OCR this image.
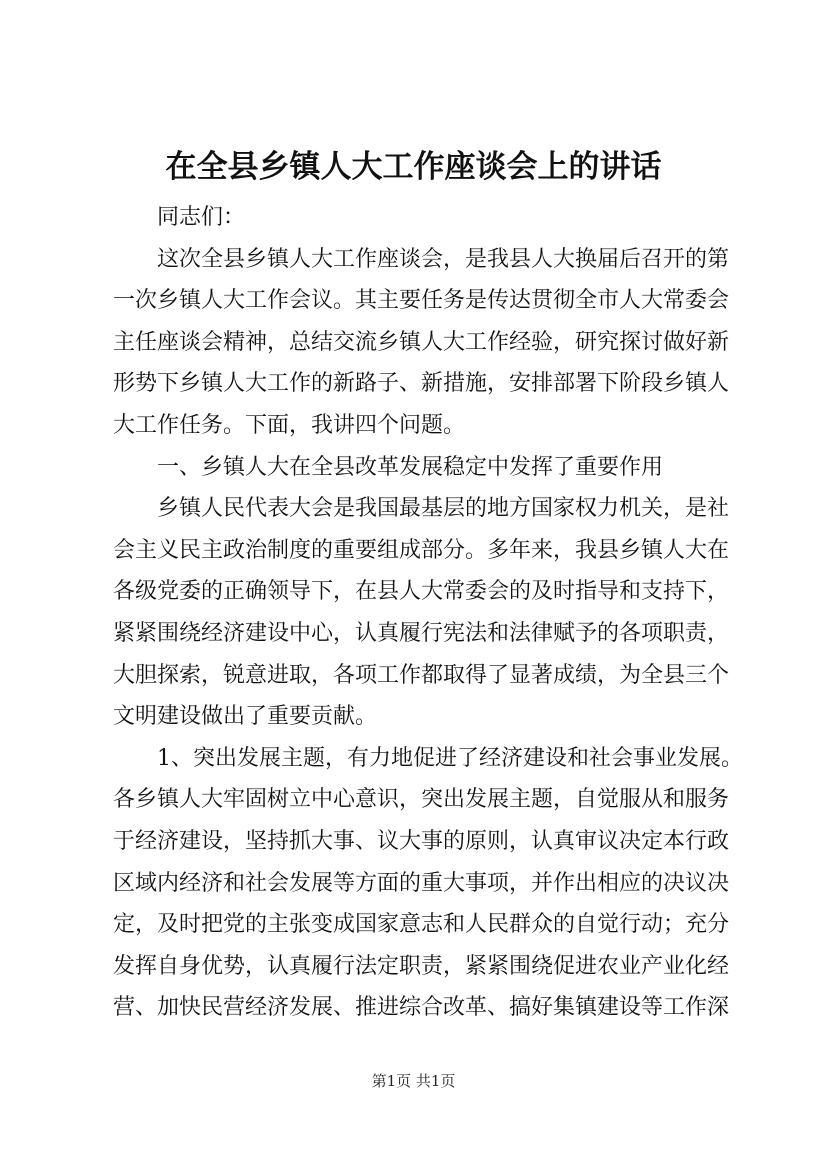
在全县乡镇人大工作座谈会上的讲话
同志们：
这次全县乡镇人大工作座谈会，是我县人大换届后召开的第
一次乡镇人大工作会议。其主要任务是传达贯彻全市人大常委会
主任座谈会精神，总结交流乡镇人大工作经验，研究探讨做好新
形势下乡镇人大工作的新路子、新措施，安排部署下阶段乡镇人
大工作任务。下面，我讲四个问题。
一、乡镇人大在全县改革发展稳定中发挥了重要作用
乡镇人民代表大会是我国最基层的地方国家权力机关，是社
会主义民主政治制度的重要组成部分。多年来，我县乡镇人大在
各级党委的正确领导下，在县人大常委会的及时指导和支持下，
紧紧围绕经济建设中心，认真履行宪法和法律赋予的各项职责，
大胆探索，锐意进取，各项工作都取得了显著成绩，为全县三个
文明建设做出了重要贡献。
1、突出发展主题，有力地促进了经济建设和社会事业发展。
各乡镇人大牢固树立中心意识，突出发展主题，自觉服从和服务
于经济建设，坚持抓大事、议大事的原则，认真审议决定本行政
区域内经济和社会发展等方面的重大事项，并作出相应的决议决
定，及时把党的主张变成国家意志和人民群众的自觉行动；充分
发挥自身优势，认真履行法定职责，紧紧围绕促进农业产业化经
营、加快民营经济发展、推进综合改革、搞好集镇建设等工作深
第1页 共1页
